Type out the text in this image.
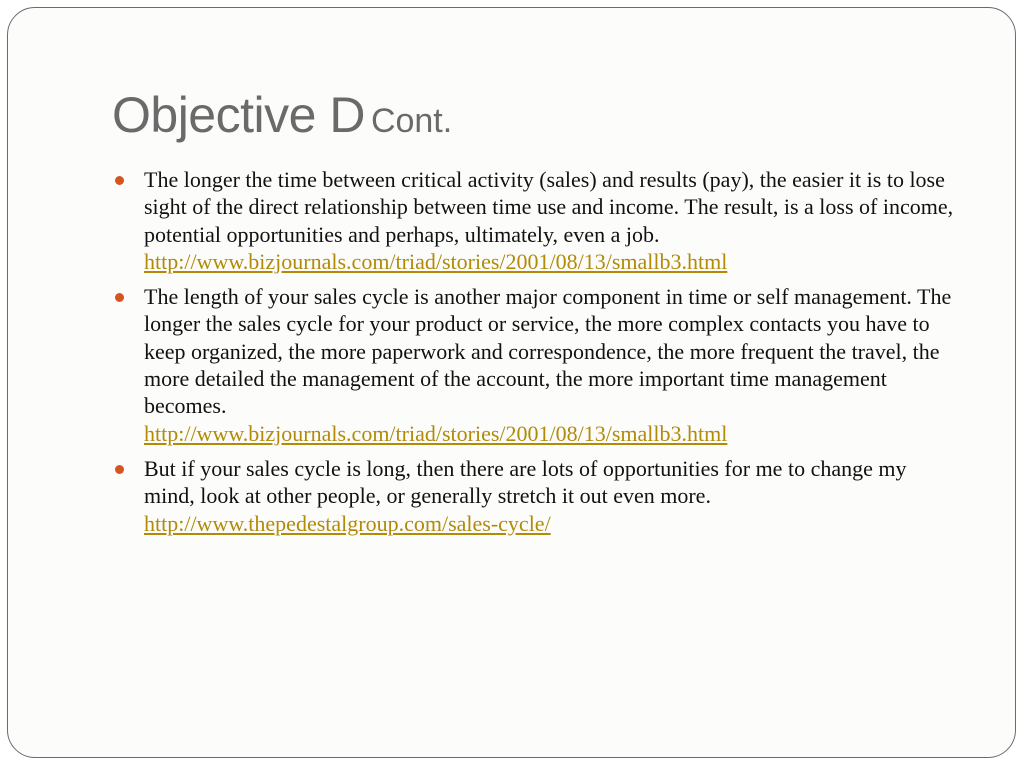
Objective D Cont.
The longer the time between critical activity (sales) and results (pay), the easier it is to lose sight of the direct relationship between time use and income. The result, is a loss of income, potential opportunities and perhaps, ultimately, even a job.
http://www.bizjournals.com/triad/stories/2001/08/13/smallb3.html
The length of your sales cycle is another major component in time or self management. The longer the sales cycle for your product or service, the more complex contacts you have to keep organized, the more paperwork and correspondence, the more frequent the travel, the more detailed the management of the account, the more important time management becomes.
http://www.bizjournals.com/triad/stories/2001/08/13/smallb3.html
But if your sales cycle is long, then there are lots of opportunities for me to change my mind, look at other people, or generally stretch it out even more.
http://www.thepedestalgroup.com/sales-cycle/
